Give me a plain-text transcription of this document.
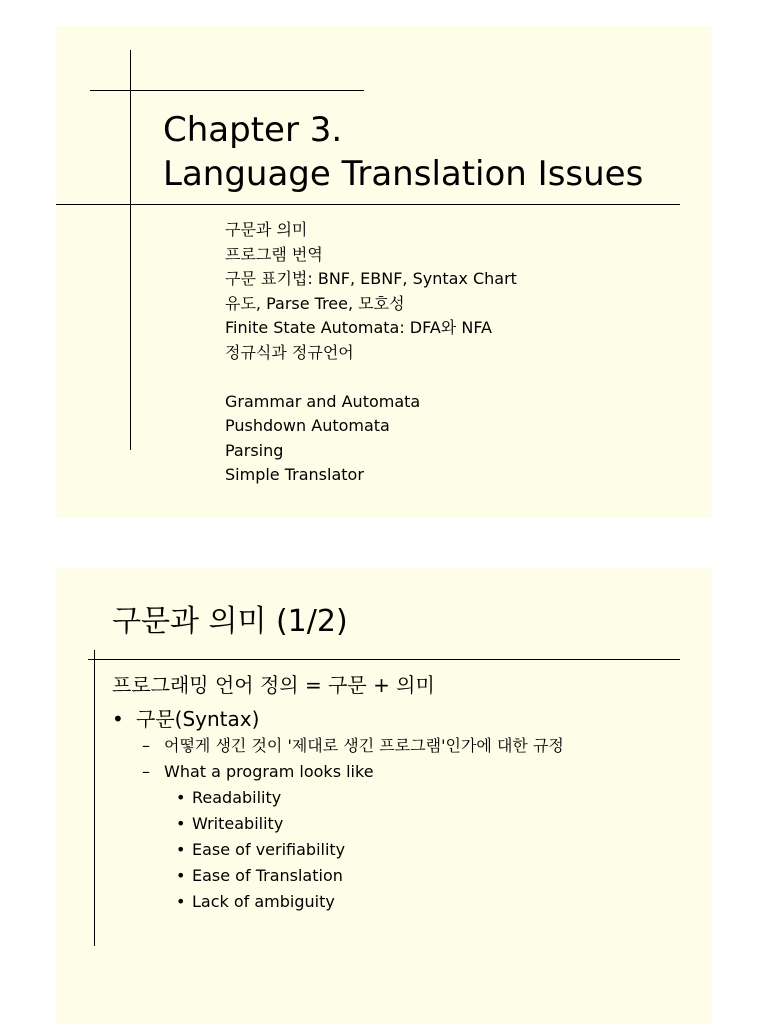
Chapter 3.
Language Translation Issues
구문과 의미
프로그램 번역
구문 표기법: BNF, EBNF, Syntax Chart
유도, Parse Tree, 모호성
Finite State Automata: DFA와 NFA
정규식과 정규언어
Grammar and Automata
Pushdown Automata
Parsing
Simple Translator
구문과 의미 (1/2)
프로그래밍 언어 정의 = 구문 + 의미
• 구문(Syntax)
– 어떻게 생긴 것이 '제대로 생긴 프로그램'인가에 대한 규정
– What a program looks like
• Readability
• Writeability
• Ease of verifiability
• Ease of Translation
• Lack of ambiguity
